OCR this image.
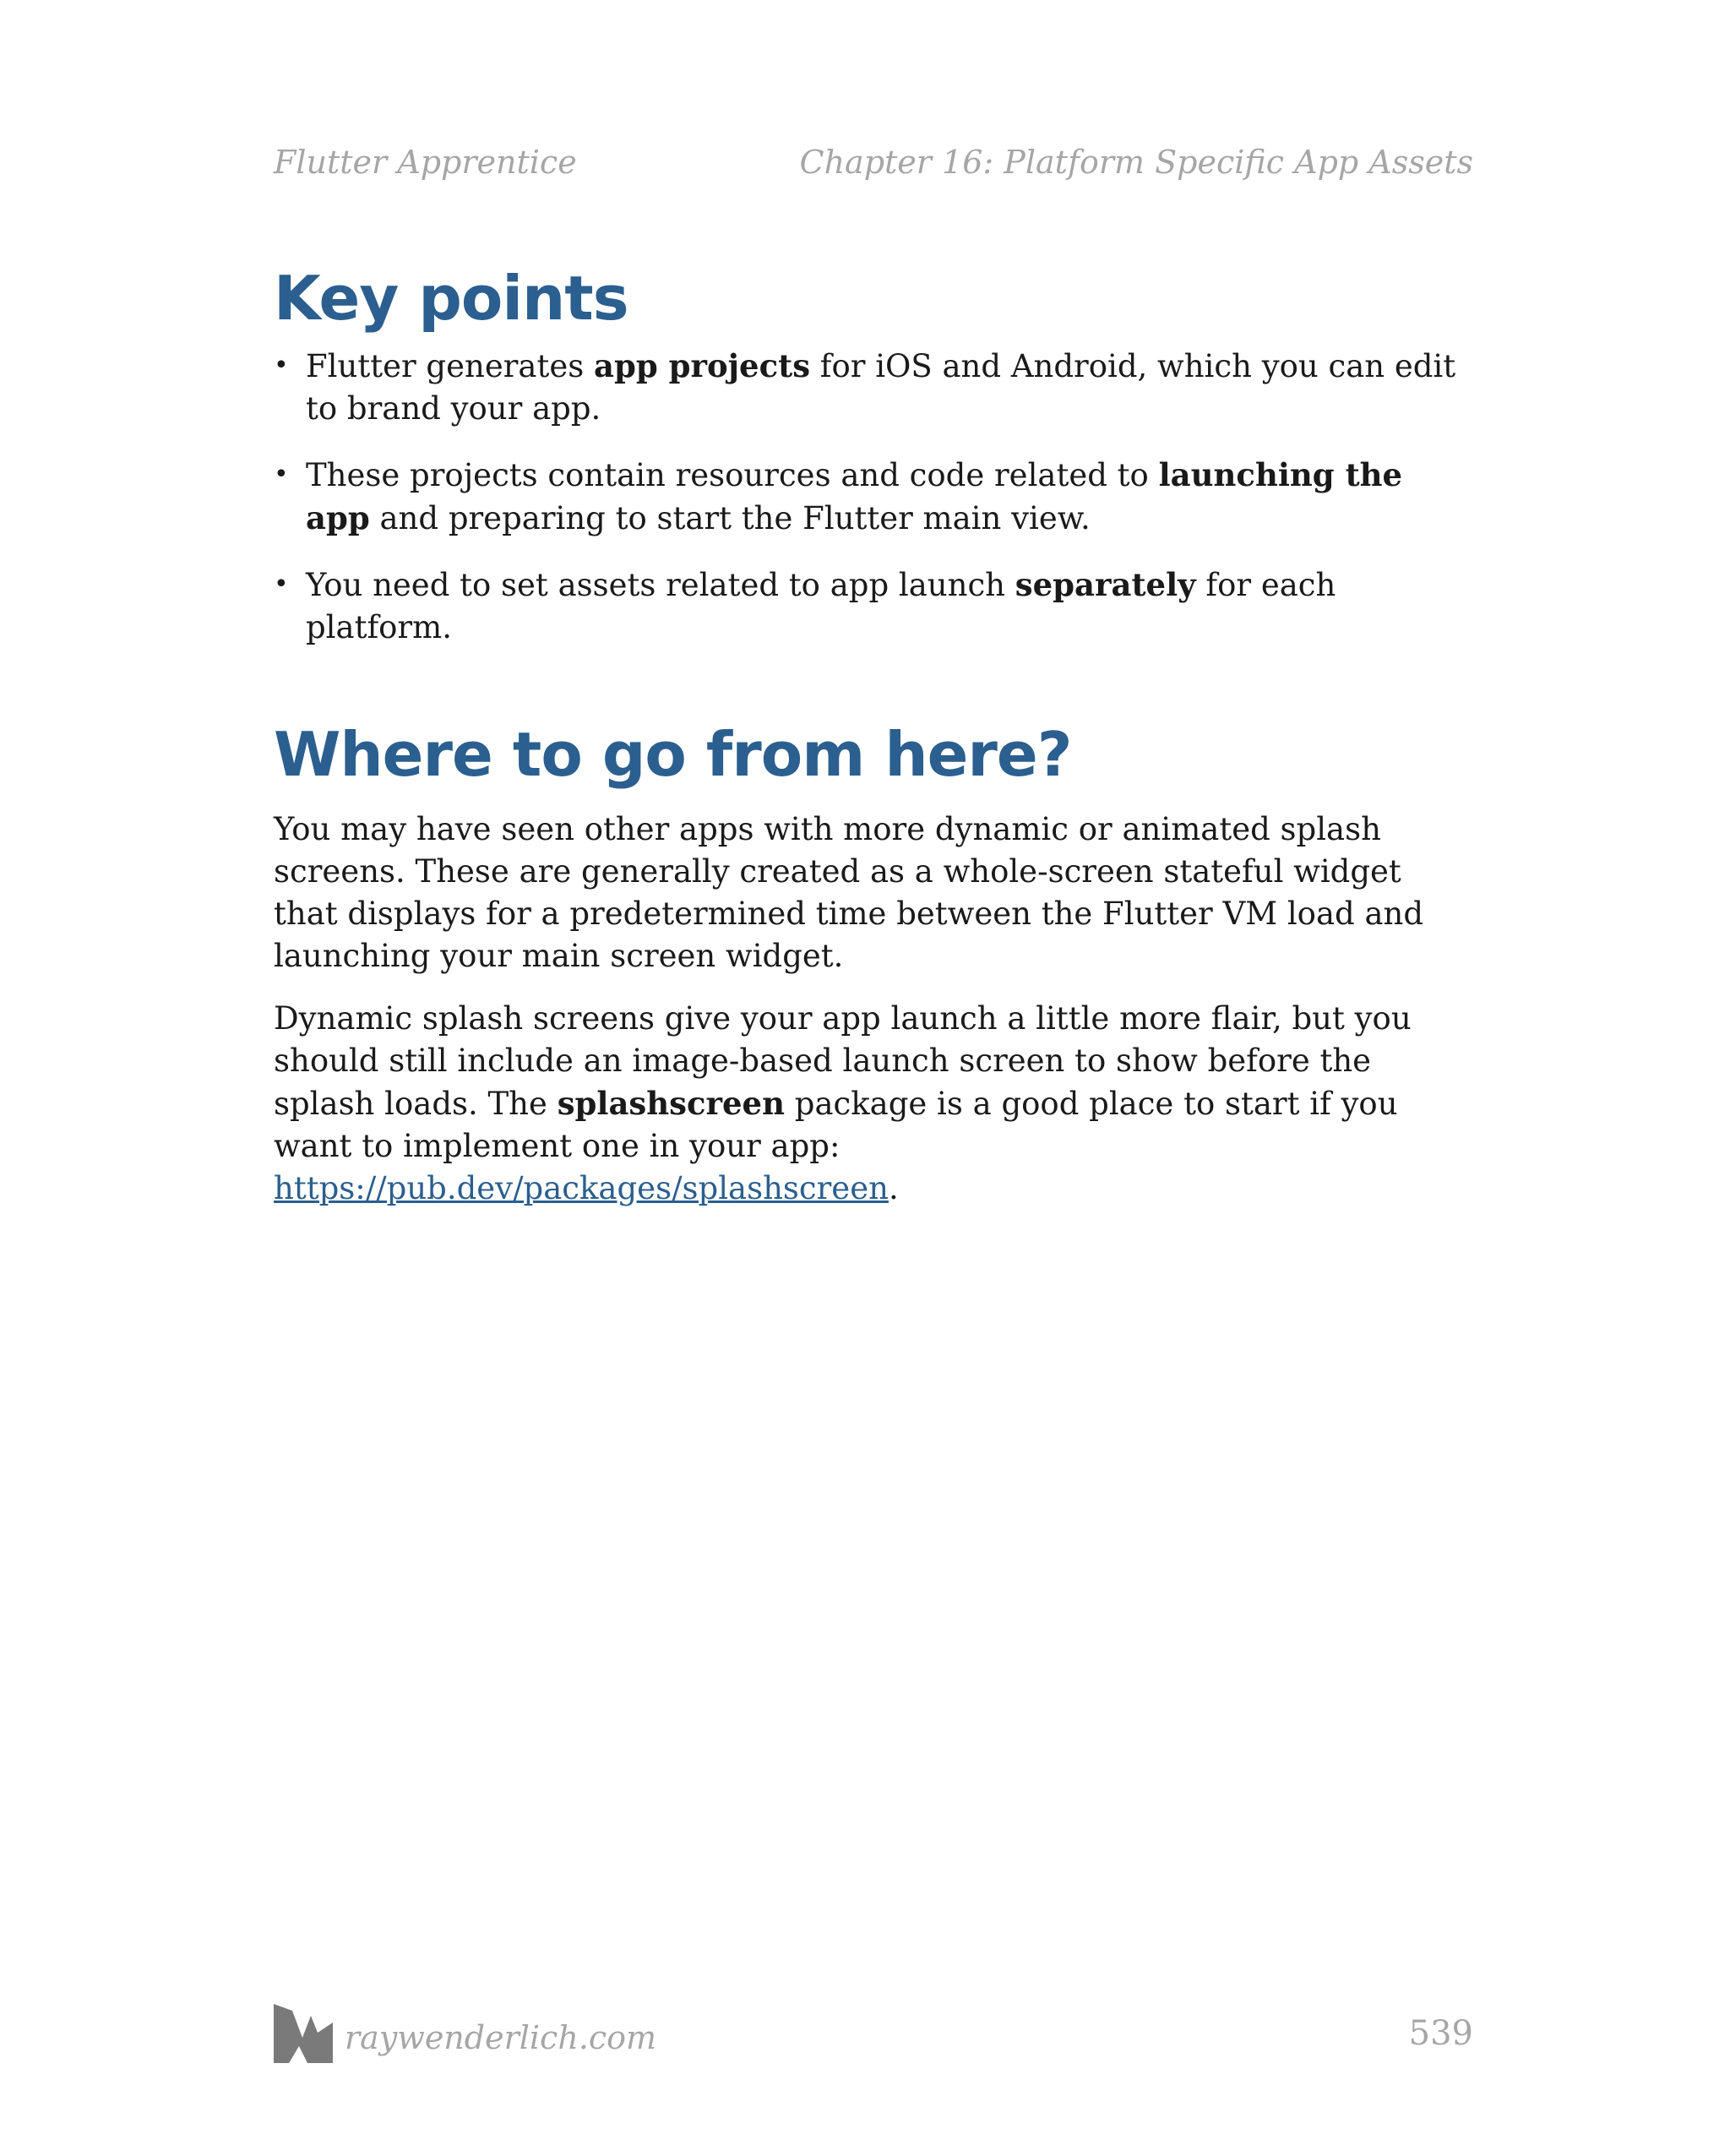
Flutter Apprentice	Chapter 16: Platform Specific App Assets
Key points
• Flutter generates app projects for iOS and Android, which you can edit to brand your app.
• These projects contain resources and code related to launching the app and preparing to start the Flutter main view.
• You need to set assets related to app launch separately for each platform.
Where to go from here?

You may have seen other apps with more dynamic or animated splash screens. These are generally created as a whole-screen stateful widget that displays for a predetermined time between the Flutter VM load and launching your main screen widget.

Dynamic splash screens give your app launch a little more flair, but you should still include an image-based launch screen to show before the splash loads. The splashscreen package is a good place to start if you want to implement one in your app: https://pub.dev/packages/splashscreen.

raywenderlich.com	539
